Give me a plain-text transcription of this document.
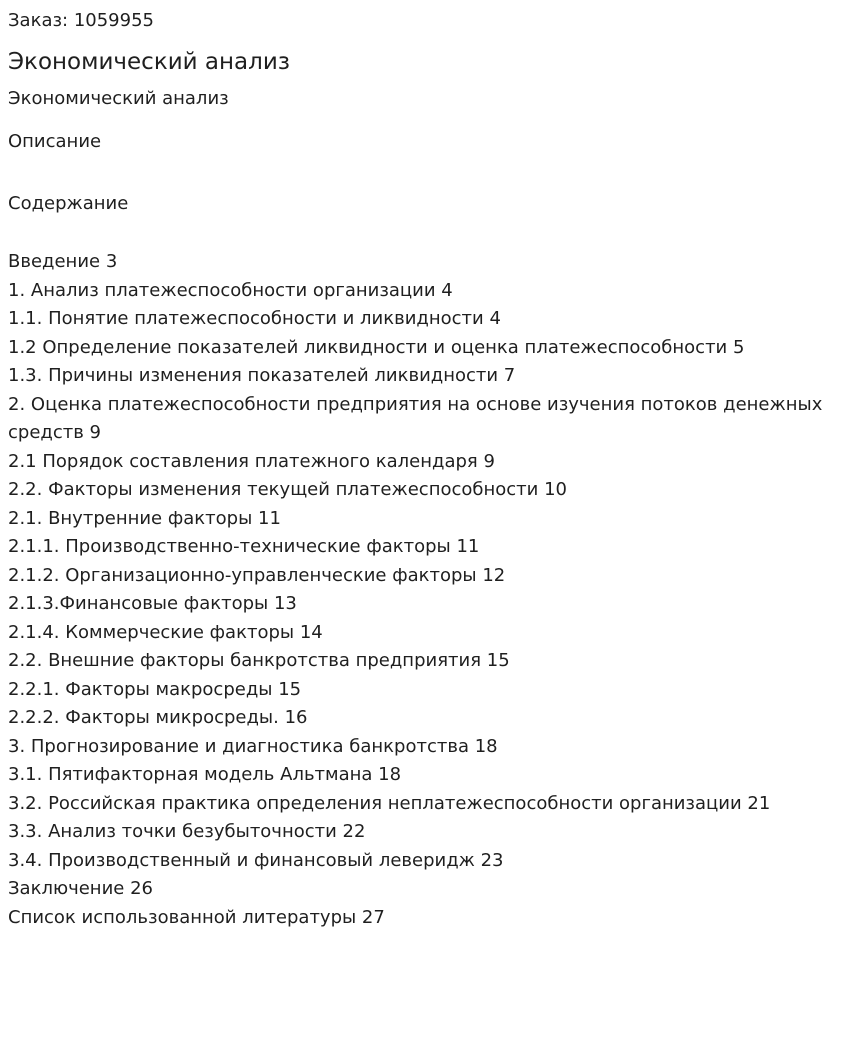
Заказ: 1059955
Экономический анализ
Экономический анализ
Описание
Содержание
Введение 3
1. Анализ платежеспособности организации 4
1.1. Понятие платежеспособности и ликвидности 4
1.2 Определение показателей ликвидности и оценка платежеспособности 5
1.3. Причины изменения показателей ликвидности 7
2. Оценка платежеспособности предприятия на основе изучения потоков денежных средств 9
2.1 Порядок составления платежного календаря 9
2.2. Факторы изменения текущей платежеспособности 10
2.1. Внутренние факторы 11
2.1.1. Производственно-технические факторы 11
2.1.2. Организационно-управленческие факторы 12
2.1.3.Финансовые факторы 13
2.1.4. Коммерческие факторы 14
2.2. Внешние факторы банкротства предприятия 15
2.2.1. Факторы макросреды 15
2.2.2. Факторы микросреды. 16
3. Прогнозирование и диагностика банкротства 18
3.1. Пятифакторная модель Альтмана 18
3.2. Российская практика определения неплатежеспособности организации 21
3.3. Анализ точки безубыточности 22
3.4. Производственный и финансовый леверидж 23
Заключение 26
Список использованной литературы 27
